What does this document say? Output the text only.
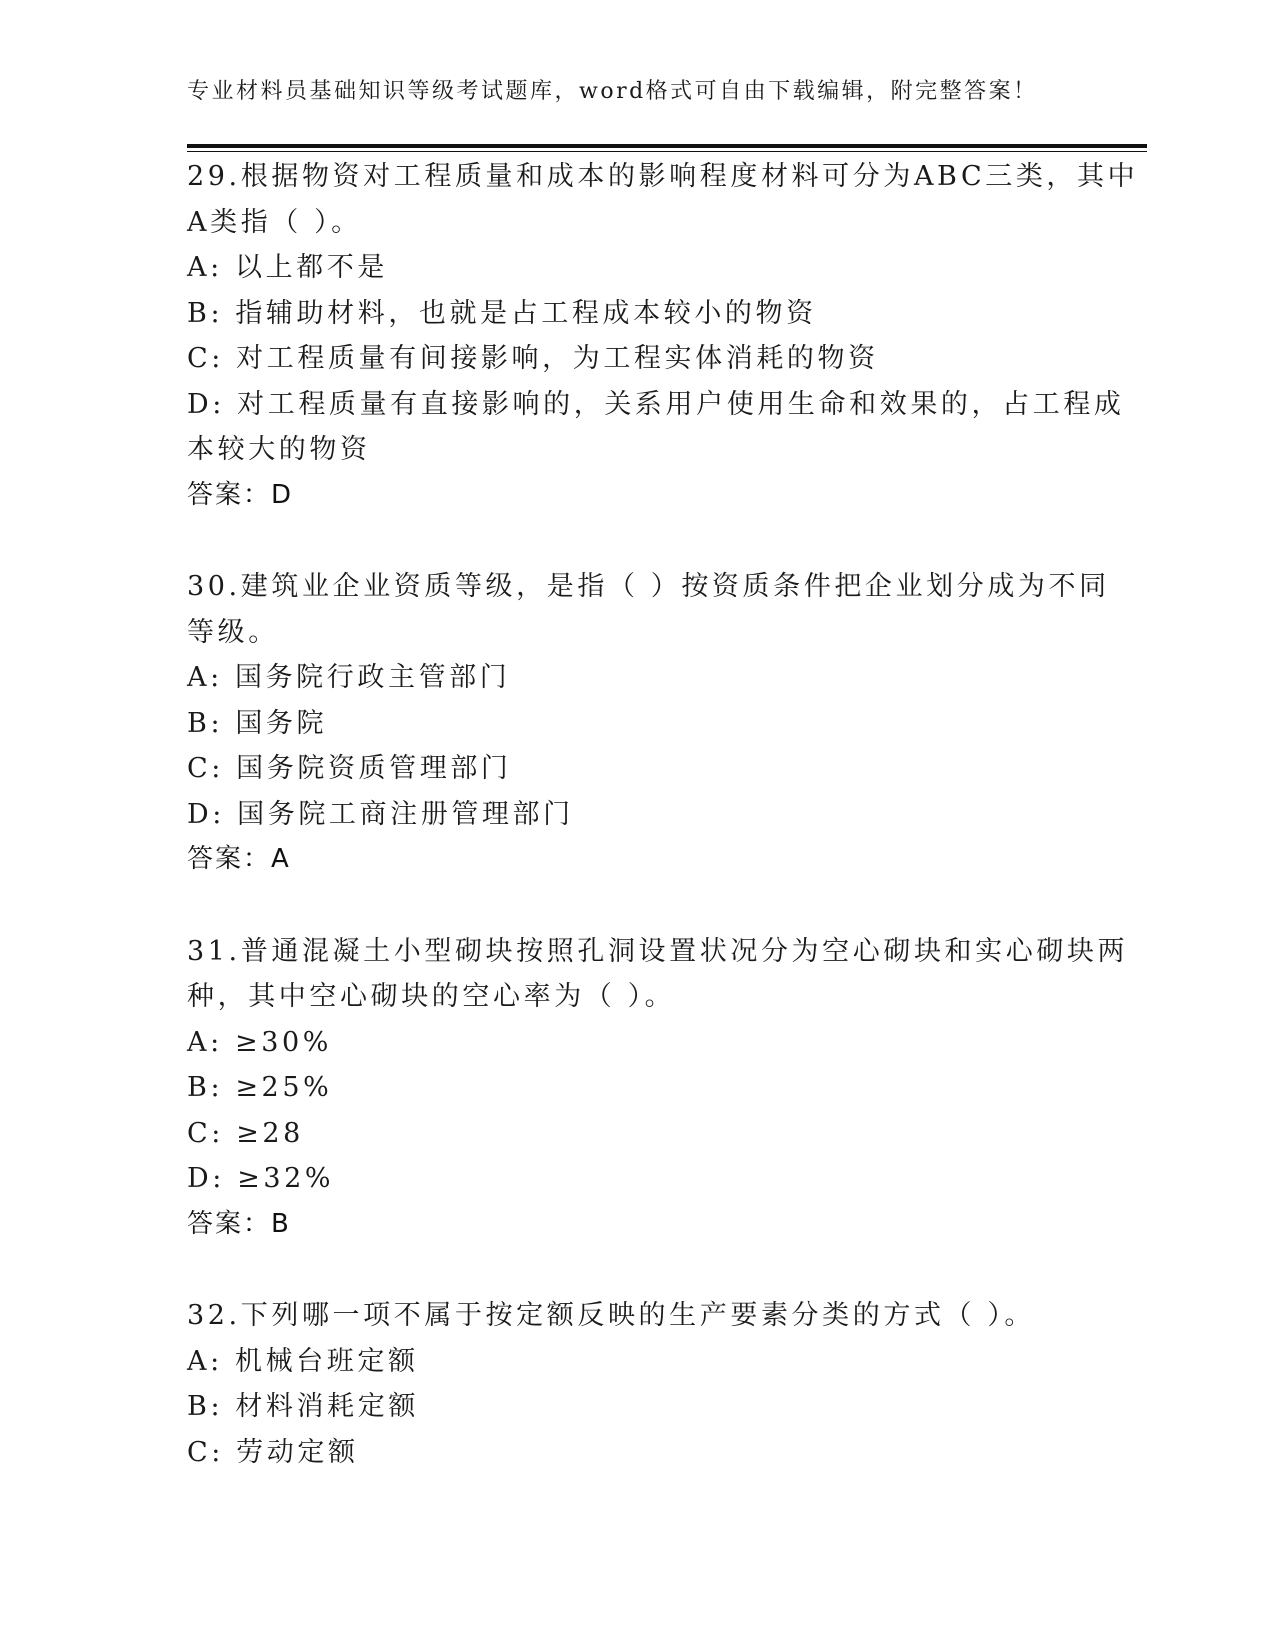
专业材料员基础知识等级考试题库，word格式可自由下载编辑，附完整答案！
29.根据物资对工程质量和成本的影响程度材料可分为ABC三类，其中
A类指（ ）。
A: 以上都不是
B: 指辅助材料，也就是占工程成本较小的物资
C: 对工程质量有间接影响，为工程实体消耗的物资
D: 对工程质量有直接影响的，关系用户使用生命和效果的，占工程成
本较大的物资
答案：D
30.建筑业企业资质等级，是指（ ）按资质条件把企业划分成为不同
等级。
A: 国务院行政主管部门
B: 国务院
C: 国务院资质管理部门
D: 国务院工商注册管理部门
答案：A
31.普通混凝土小型砌块按照孔洞设置状况分为空心砌块和实心砌块两
种，其中空心砌块的空心率为（ ）。
A: ≥30%
B: ≥25%
C: ≥28
D: ≥32%
答案：B
32.下列哪一项不属于按定额反映的生产要素分类的方式（ ）。
A: 机械台班定额
B: 材料消耗定额
C: 劳动定额
